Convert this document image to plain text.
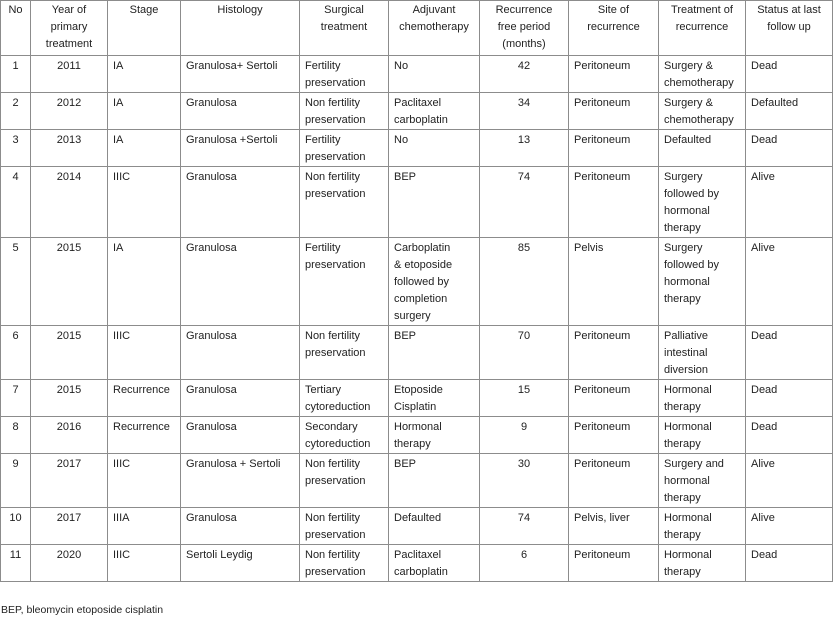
No	Year of
primary
treatment	Stage	Histology	Surgical
treatment	Adjuvant
chemotherapy	Recurrence
free period
(months)	Site of
recurrence	Treatment of
recurrence	Status at last
follow up
1	2011	IA	Granulosa+ Sertoli	Fertility
preservation	No	42	Peritoneum	Surgery &
chemotherapy	Dead
2	2012	IA	Granulosa	Non fertility
preservation	Paclitaxel
carboplatin	34	Peritoneum	Surgery &
chemotherapy	Defaulted
3	2013	IA	Granulosa +Sertoli	Fertility
preservation	No	13	Peritoneum	Defaulted	Dead
4	2014	IIIC	Granulosa	Non fertility
preservation	BEP	74	Peritoneum	Surgery
followed by
hormonal
therapy	Alive
5	2015	IA	Granulosa	Fertility
preservation	Carboplatin
& etoposide
followed by
completion
surgery	85	Pelvis	Surgery
followed by
hormonal
therapy	Alive
6	2015	IIIC	Granulosa	Non fertility
preservation	BEP	70	Peritoneum	Palliative
intestinal
diversion	Dead
7	2015	Recurrence	Granulosa	Tertiary
cytoreduction	Etoposide
Cisplatin	15	Peritoneum	Hormonal
therapy	Dead
8	2016	Recurrence	Granulosa	Secondary
cytoreduction	Hormonal
therapy	9	Peritoneum	Hormonal
therapy	Dead
9	2017	IIIC	Granulosa + Sertoli	Non fertility
preservation	BEP	30	Peritoneum	Surgery and
hormonal
therapy	Alive
10	2017	IIIA	Granulosa	Non fertility
preservation	Defaulted	74	Pelvis, liver	Hormonal
therapy	Alive
11	2020	IIIC	Sertoli Leydig	Non fertility
preservation	Paclitaxel
carboplatin	6	Peritoneum	Hormonal
therapy	Dead
BEP, bleomycin etoposide cisplatin
